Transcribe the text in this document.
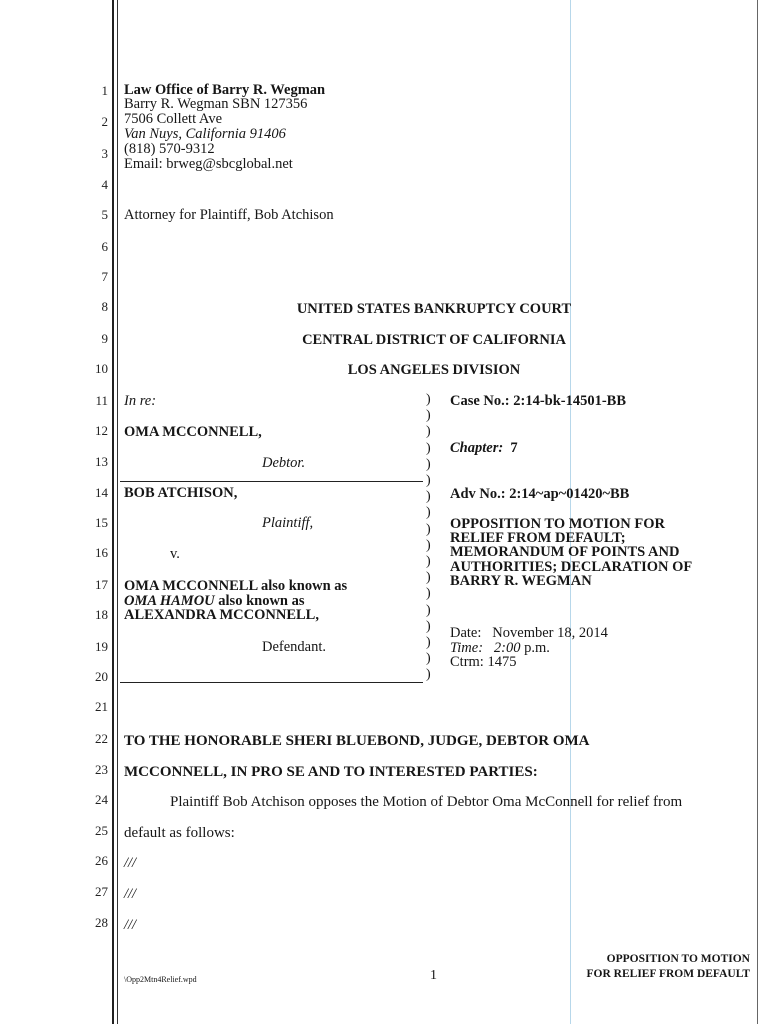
1
2
3
4
5
6
7
8
9
10
11
12
13
14
15
16
17
18
19
20
21
22
23
24
25
26
27
28
Law Office of Barry R. Wegman
Barry R. Wegman SBN 127356
7506 Collett Ave
Van Nuys, California 91406
(818) 570-9312
Email: brweg@sbcglobal.net
Attorney for Plaintiff, Bob Atchison
UNITED STATES BANKRUPTCY COURT
CENTRAL DISTRICT OF CALIFORNIA
LOS ANGELES DIVISION
In re:
OMA MCCONNELL,
Debtor.
BOB ATCHISON,
Plaintiff,
v.
OMA MCCONNELL also known as
OMA HAMOU also known as
ALEXANDRA MCCONNELL,
Defendant.
)
)
)
)
)
)
)
)
)
)
)
)
)
)
)
)
)
)
Case No.: 2:14-bk-14501-BB
Chapter: 7
Adv No.: 2:14~ap~01420~BB
OPPOSITION TO MOTION FOR
RELIEF FROM DEFAULT;
MEMORANDUM OF POINTS AND
AUTHORITIES; DECLARATION OF
BARRY R. WEGMAN
Date: November 18, 2014
Time: 2:00 p.m.
Ctrm: 1475
TO THE HONORABLE SHERI BLUEBOND, JUDGE, DEBTOR OMA
MCCONNELL, IN PRO SE AND TO INTERESTED PARTIES:
Plaintiff Bob Atchison opposes the Motion of Debtor Oma McConnell for relief from
default as follows:
///
///
///
\Opp2Mtn4Relief.wpd	1
OPPOSITION TO MOTION
FOR RELIEF FROM DEFAULT
